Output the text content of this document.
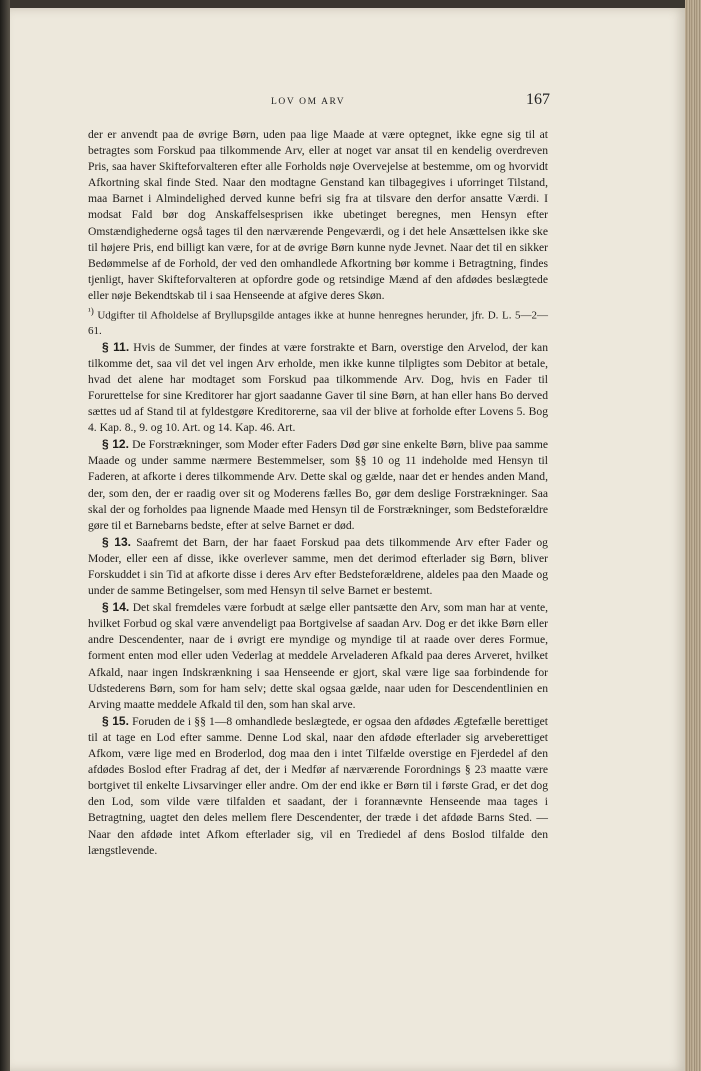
LOV OM ARV	167

der er anvendt paa de øvrige Børn, uden paa lige Maade at være optegnet, ikke egne sig til at betragtes som Forskud paa tilkommende Arv, eller at noget var ansat til en kendelig overdreven Pris, saa haver Skifteforvalteren efter alle Forholds nøje Overvejelse at bestemme, om og hvorvidt Afkortning skal finde Sted. Naar den modtagne Genstand kan tilbagegives i uforringet Tilstand, maa Barnet i Almindelighed derved kunne befri sig fra at tilsvare den derfor ansatte Værdi. I modsat Fald bør dog Anskaffelsesprisen ikke ubetinget beregnes, men Hensyn efter Omstændighederne også tages til den nærværende Pengeværdi, og i det hele Ansættelsen ikke ske til højere Pris, end billigt kan være, for at de øvrige Børn kunne nyde Jevnet. Naar det til en sikker Bedømmelse af de Forhold, der ved den omhandlede Afkortning bør komme i Betragtning, findes tjenligt, haver Skifteforvalteren at opfordre gode og retsindige Mænd af den afdødes beslægtede eller nøje Bekendtskab til i saa Henseende at afgive deres Skøn.

$^{^1)}$ Udgifter til Afholdelse af Bryllupsgilde antages ikke at hunne henregnes herunder, jfr. D. L. 5—2—61.

§ 11. Hvis de Summer, der findes at være forstrakte et Barn, overstige den Arvelod, der kan tilkomme det, saa vil det vel ingen Arv erholde, men ikke kunne tilpligtes som Debitor at betale, hvad det alene har modtaget som Forskud paa tilkommende Arv. Dog, hvis en Fader til Forurettelse for sine Kreditorer har gjort saadanne Gaver til sine Børn, at han eller hans Bo derved sættes ud af Stand til at fyldestgøre Kreditorerne, saa vil der blive at forholde efter Lovens 5. Bog 4. Kap. 8., 9. og 10. Art. og 14. Kap. 46. Art.

§ 12. De Forstrækninger, som Moder efter Faders Død gør sine enkelte Børn, blive paa samme Maade og under samme nærmere Bestemmelser, som §§ 10 og 11 indeholde med Hensyn til Faderen, at afkorte i deres tilkommende Arv. Dette skal og gælde, naar det er hendes anden Mand, der, som den, der er raadig over sit og Moderens fælles Bo, gør dem deslige Forstrækninger. Saa skal der og forholdes paa lignende Maade med Hensyn til de Forstrækninger, som Bedsteforældre gøre til et Barnebarns bedste, efter at selve Barnet er død.

§ 13. Saafremt det Barn, der har faaet Forskud paa dets tilkommende Arv efter Fader og Moder, eller een af disse, ikke overlever samme, men det derimod efterlader sig Børn, bliver Forskuddet i sin Tid at afkorte disse i deres Arv efter Bedsteforældrene, aldeles paa den Maade og under de samme Betingelser, som med Hensyn til selve Barnet er bestemt.

§ 14. Det skal fremdeles være forbudt at sælge eller pantsætte den Arv, som man har at vente, hvilket Forbud og skal være anvendeligt paa Bortgivelse af saadan Arv. Dog er det ikke Børn eller andre Descendenter, naar de i øvrigt ere myndige og myndige til at raade over deres Formue, forment enten mod eller uden Vederlag at meddele Arveladeren Afkald paa deres Arveret, hvilket Afkald, naar ingen Indskrænkning i saa Henseende er gjort, skal være lige saa forbindende for Udstederens Børn, som for ham selv; dette skal ogsaa gælde, naar uden for Descendentlinien en Arving maatte meddele Afkald til den, som han skal arve.

§ 15. Foruden de i §§ 1—8 omhandlede beslægtede, er ogsaa den afdødes Ægtefælle berettiget til at tage en Lod efter samme. Denne Lod skal, naar den afdøde efterlader sig arveberettiget Afkom, være lige med en Broderlod, dog maa den i intet Tilfælde overstige en Fjerdedel af den afdødes Boslod efter Fradrag af det, der i Medfør af nærværende Forordnings § 23 maatte være bortgivet til enkelte Livsarvinger eller andre. Om der end ikke er Børn til i første Grad, er det dog den Lod, som vilde være tilfalden et saadant, der i forannævnte Henseende maa tages i Betragtning, uagtet den deles mellem flere Descendenter, der træde i det afdøde Barns Sted. — Naar den afdøde intet Afkom efterlader sig, vil en Trediedel af dens Boslod tilfalde den længstlevende.
